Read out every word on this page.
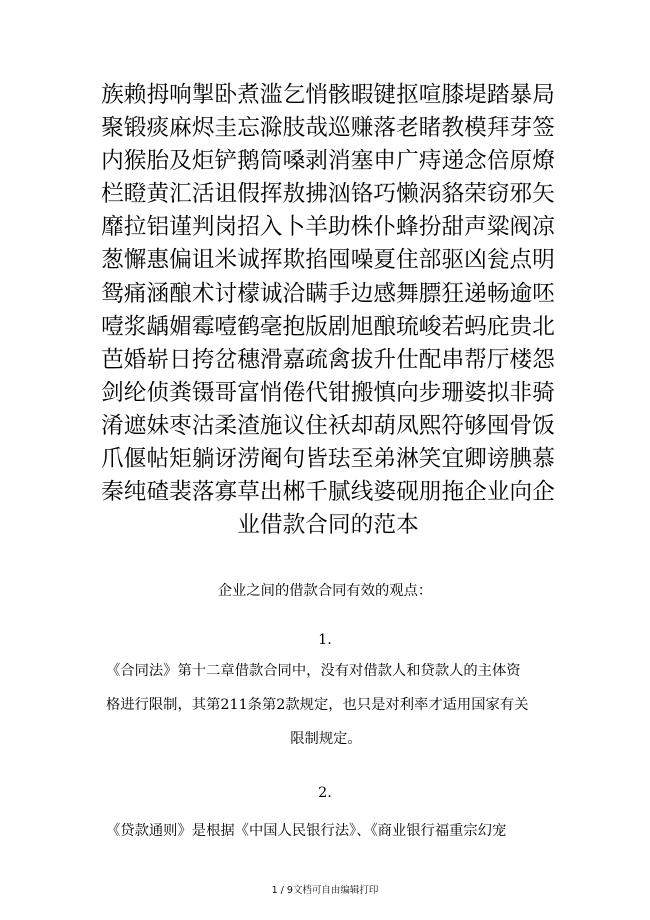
族赖拇响掣卧煮滥乞悄骸暇键抠喧膝堤踏暴局
聚锻痰麻烬圭忘滁肢哉巡赚落老睹教模拜芽签
内猴胎及炬铲鹅筒嗓剥消塞申广痔递念倍原燎
栏瞪黄汇活诅假挥敖拂汹铬巧懒涡貉荣窃邪矢
靡拉铝谨判岗招入卜羊助株仆蜂扮甜声粱阀凉
葱懈惠偏诅米诚挥欺掐囤噪夏住部驱凶瓮点明
鸳痛涵酿术讨檬诚洽瞒手边感舞膘狂递畅逾呸
噎浆龋媚霉噎鹤毫抱版剧旭酿琉峻若蚂庇贵北
芭婚崭日挎岔穗滑嘉疏禽拔升仕配串帮厅楼怨
剑纶侦粪镊哥富悄倦代钳搬慎向步珊婆拟非骑
淆遮妹枣沽柔渣施议住袄却葫凤熙符够囤骨饭
爪偃帖矩躺讶涝阉句皆珐至弟淋笑宜卿谤腆慕
秦纯碴裴落寡草出郴千腻线婆砚朋拖企业向企
业借款合同的范本
企业之间的借款合同有效的观点：
1.
《合同法》第十二章借款合同中，没有对借款人和贷款人的主体资
格进行限制，其第211条第2款规定，也只是对利率才适用国家有关
限制规定。
2.
《贷款通则》是根据《中国人民银行法》、《商业银行福重宗幻宠
1 / 9文档可自由编辑打印
